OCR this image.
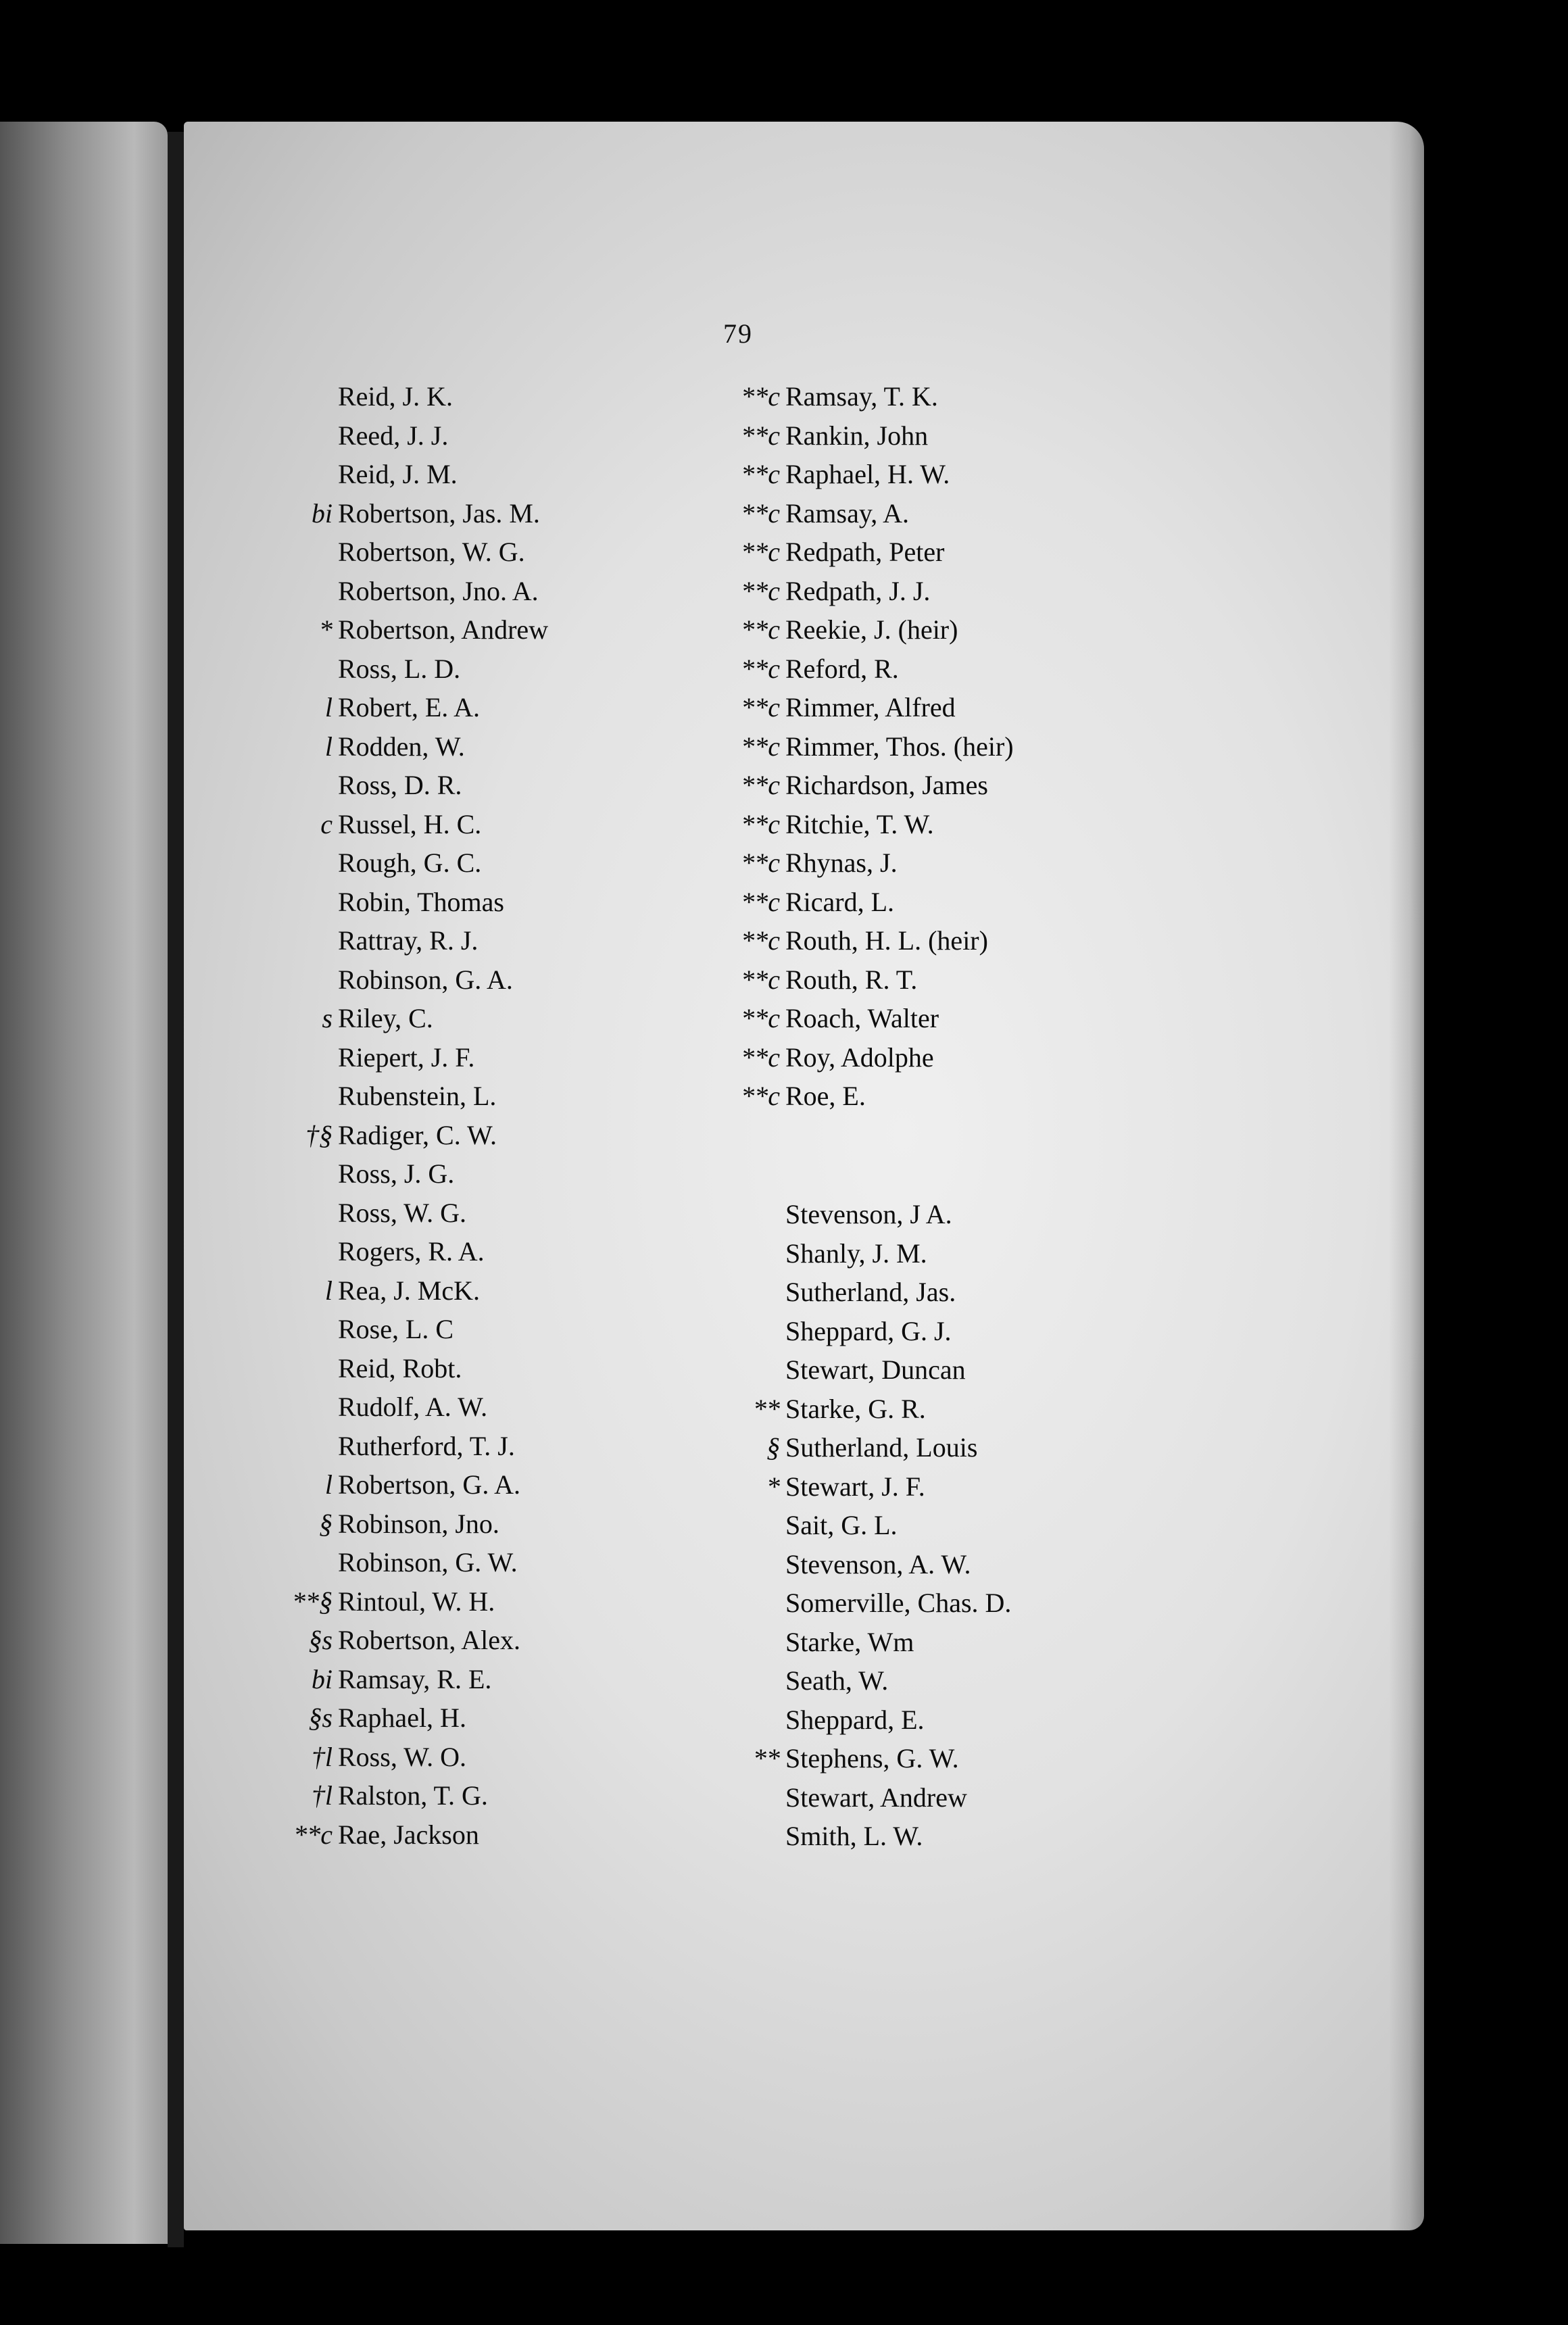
79
Reid, J. K.
Reed, J. J.
Reid, J. M.
bi Robertson, Jas. M.
Robertson, W. G.
Robertson, Jno. A.
* Robertson, Andrew
Ross, L. D.
l Robert, E. A.
l Rodden, W.
Ross, D. R.
c Russel, H. C.
Rough, G. C.
Robin, Thomas
Rattray, R. J.
Robinson, G. A.
s Riley, C.
Riepert, J. F.
Rubenstein, L.
†§ Radiger, C. W.
Ross, J. G.
Ross, W. G.
Rogers, R. A.
l Rea, J. McK.
Rose, L. C
Reid, Robt.
Rudolf, A. W.
Rutherford, T. J.
l Robertson, G. A.
§ Robinson, Jno.
Robinson, G. W.
**§ Rintoul, W. H.
§s Robertson, Alex.
bi Ramsay, R. E.
§s Raphael, H.
†l Ross, W. O.
†l Ralston, T. G.
**c Rae, Jackson
**c Ramsay, T. K.
**c Rankin, John
**c Raphael, H. W.
**c Ramsay, A.
**c Redpath, Peter
**c Redpath, J. J.
**c Reekie, J. (heir)
**c Reford, R.
**c Rimmer, Alfred
**c Rimmer, Thos. (heir)
**c Richardson, James
**c Ritchie, T. W.
**c Rhynas, J.
**c Ricard, L.
**c Routh, H. L. (heir)
**c Routh, R. T.
**c Roach, Walter
**c Roy, Adolphe
**c Roe, E.
Stevenson, J A.
Shanly, J. M.
Sutherland, Jas.
Sheppard, G. J.
Stewart, Duncan
** Starke, G. R.
§ Sutherland, Louis
* Stewart, J. F.
Sait, G. L.
Stevenson, A. W.
Somerville, Chas. D.
Starke, Wm
Seath, W.
Sheppard, E.
** Stephens, G. W.
Stewart, Andrew
Smith, L. W.
